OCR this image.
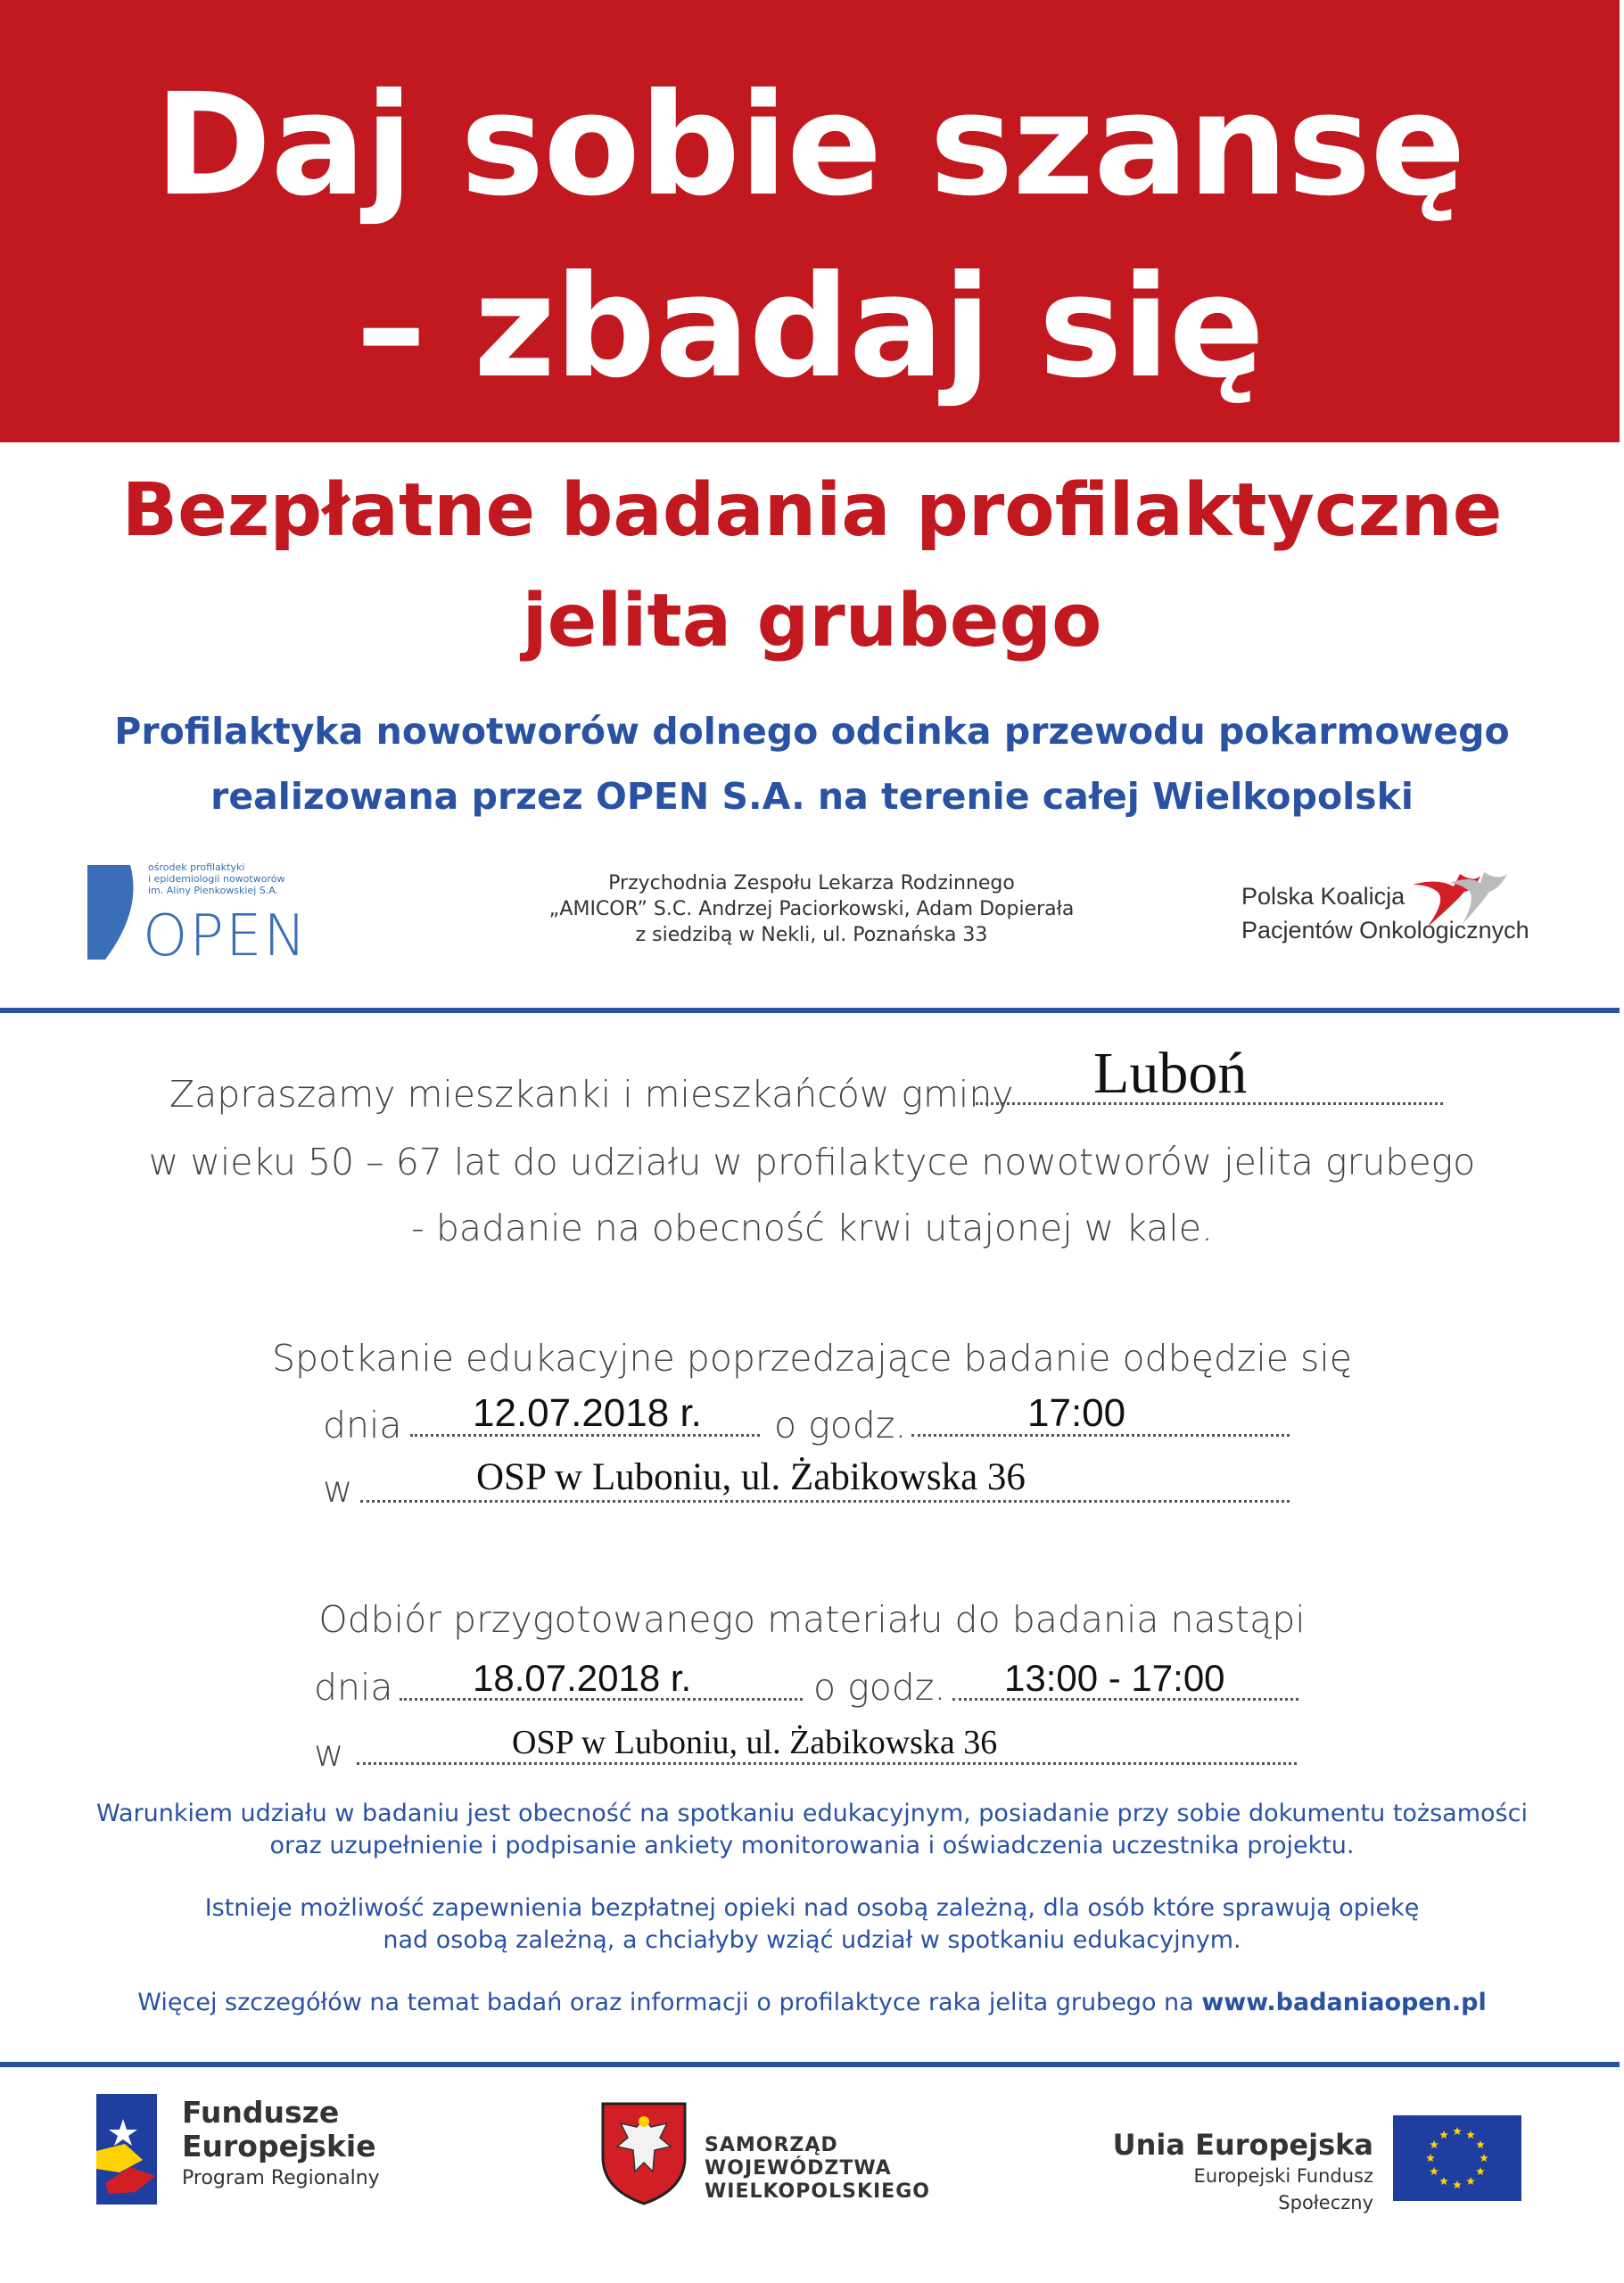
Daj sobie szansę
– zbadaj się
Bezpłatne badania profilaktyczne
jelita grubego
Profilaktyka nowotworów dolnego odcinka przewodu pokarmowego
realizowana przez OPEN S.A. na terenie całej Wielkopolski
ośrodek profilaktyki
i epidemiologii nowotworów
im. Aliny Pienkowskiej S.A.
OPEN
Przychodnia Zespołu Lekarza Rodzinnego
„AMICOR” S.C. Andrzej Paciorkowski, Adam Dopierała
z siedzibą w Nekli, ul. Poznańska 33
Polska Koalicja
Pacjentów Onkologicznych
Zapraszamy mieszkanki i mieszkańców gminy Luboń
w wieku 50 – 67 lat do udziału w profilaktyce nowotworów jelita grubego
- badanie na obecność krwi utajonej w kale.
Spotkanie edukacyjne poprzedzające badanie odbędzie się
dnia 12.07.2018 r. o godz.	17:00
w	OSP w Luboniu, ul. Żabikowska 36
Odbiór przygotowanego materiału do badania nastąpi
dnia 18.07.2018 r.	o godz. 13:00 - 17:00
w	OSP w Luboniu, ul. Żabikowska 36
Warunkiem udziału w badaniu jest obecność na spotkaniu edukacyjnym, posiadanie przy sobie dokumentu tożsamości
oraz uzupełnienie i podpisanie ankiety monitorowania i oświadczenia uczestnika projektu.
Istnieje możliwość zapewnienia bezpłatnej opieki nad osobą zależną, dla osób które sprawują opiekę
nad osobą zależną, a chciałyby wziąć udział w spotkaniu edukacyjnym.
Więcej szczegółów na temat badań oraz informacji o profilaktyce raka jelita grubego na www.badaniaopen.pl
Fundusze
Europejskie
Program Regionalny
SAMORZĄD WOJEWÓDZTWA
WIELKOPOLSKIEGO
Unia Europejska
Europejski Fundusz Społeczny
